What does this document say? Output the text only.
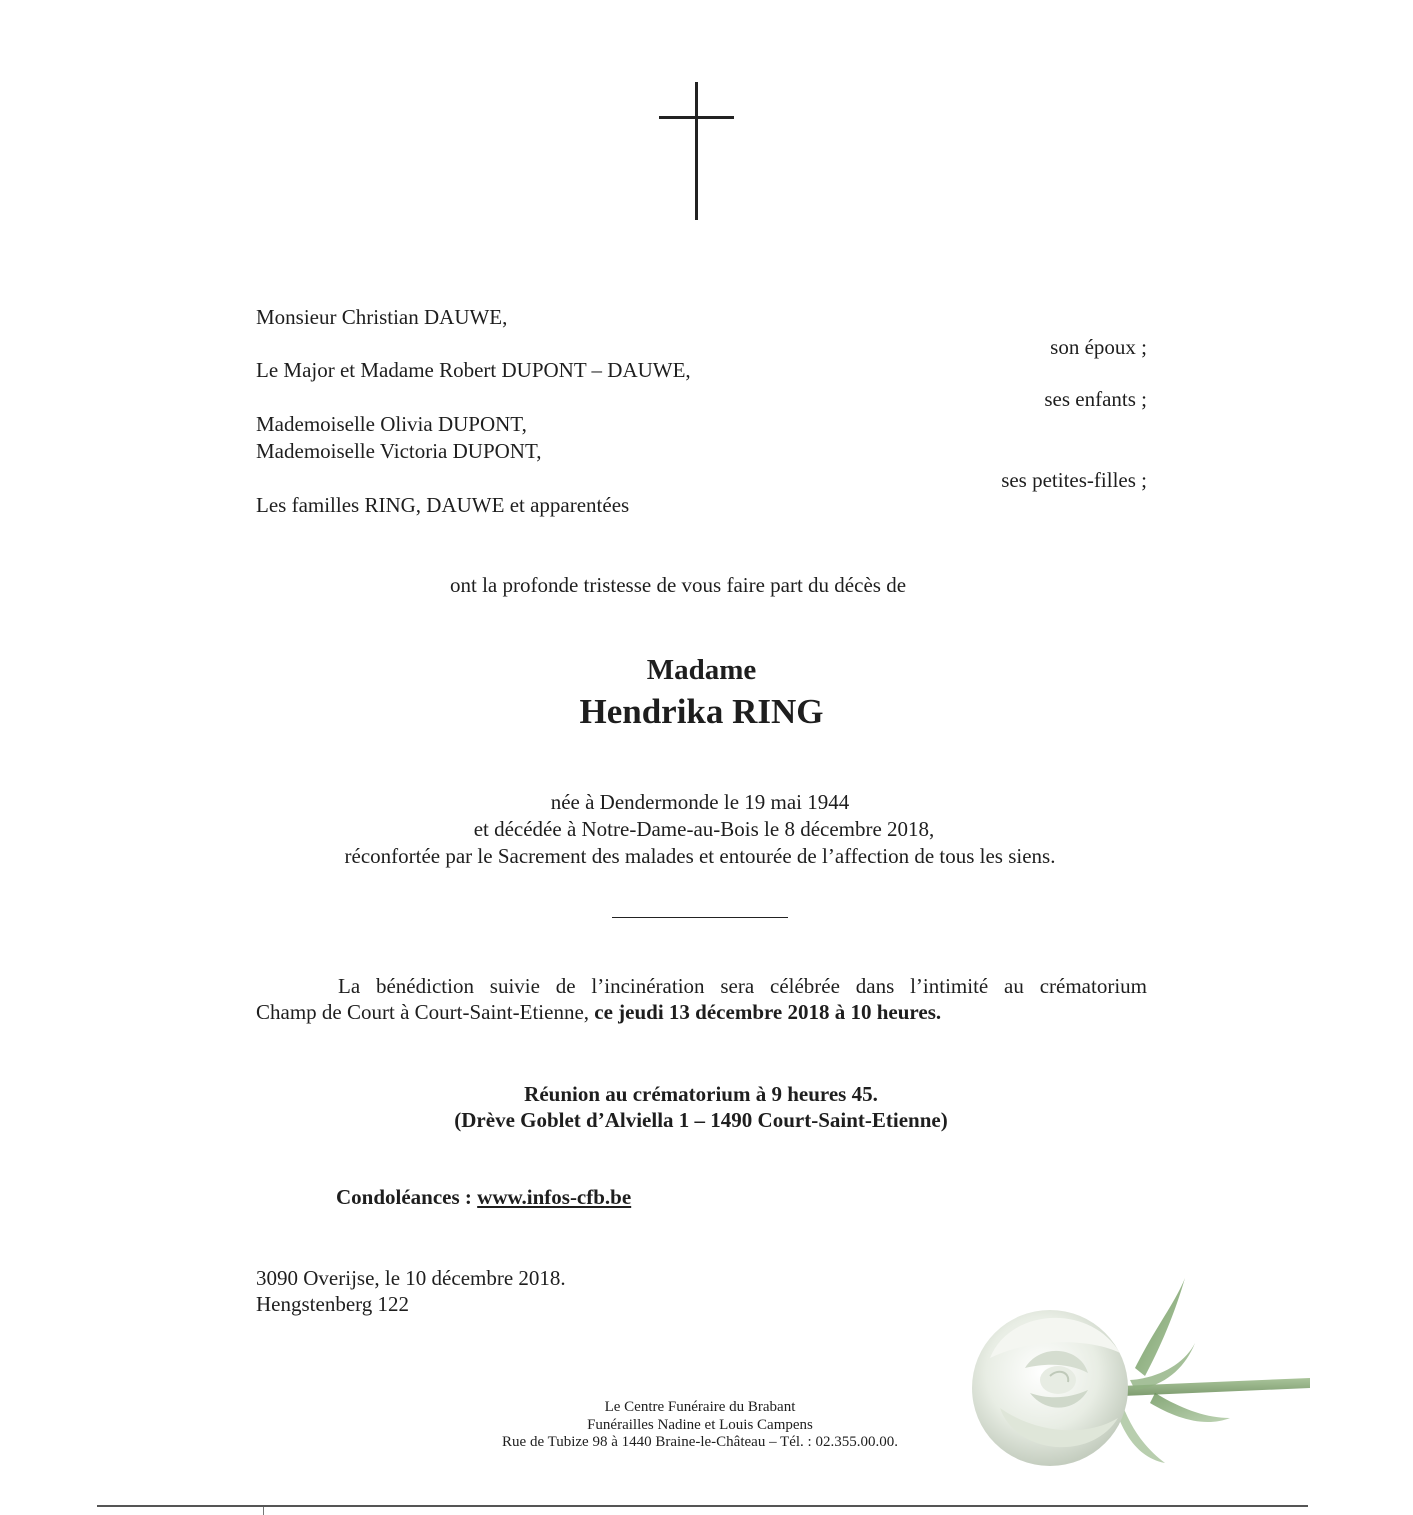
Monsieur Christian DAUWE,
son époux ;
Le Major et Madame Robert DUPONT – DAUWE,
ses enfants ;
Mademoiselle Olivia DUPONT,
Mademoiselle Victoria DUPONT,
ses petites-filles ;
Les familles RING, DAUWE et apparentées
ont la profonde tristesse de vous faire part du décès de
Madame
Hendrika RING
née à Dendermonde le 19 mai 1944
et décédée à Notre-Dame-au-Bois le 8 décembre 2018,
réconfortée par le Sacrement des malades et entourée de l’affection de tous les siens.
La bénédiction suivie de l’incinération sera célébrée dans l’intimité au crématorium
Champ de Court à Court-Saint-Etienne, ce jeudi 13 décembre 2018 à 10 heures.
Réunion au crématorium à 9 heures 45.
(Drève Goblet d’Alviella 1 – 1490 Court-Saint-Etienne)
Condoléances : www.infos-cfb.be
3090 Overijse, le 10 décembre 2018.
Hengstenberg 122
Le Centre Funéraire du Brabant
Funérailles Nadine et Louis Campens
Rue de Tubize 98 à 1440 Braine-le-Château – Tél. : 02.355.00.00.
